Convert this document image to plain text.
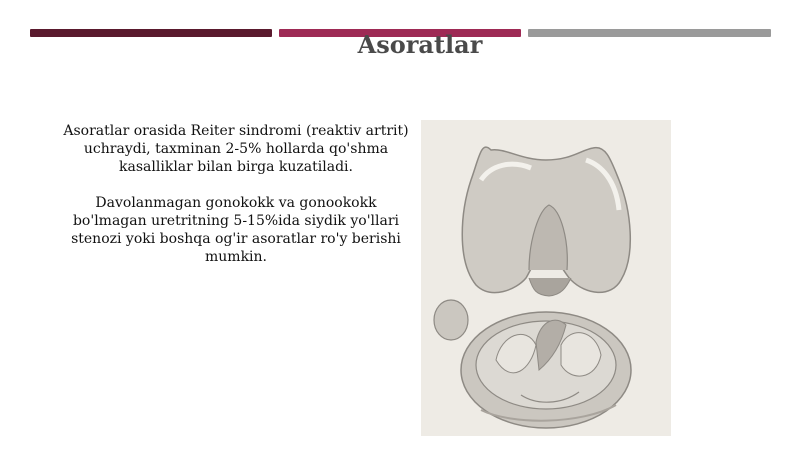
Asoratlar

Asoratlar orasida Reiter sindromi (reaktiv artrit) uchraydi, taxminan 2-5% hollarda qo'shma kasalliklar bilan birga kuzatiladi.

Davolanmagan gonokokk va gonookokk bo'lmagan uretritning 5-15%ida siydik yo'llari stenozi yoki boshqa og'ir asoratlar ro'y berishi mumkin.
